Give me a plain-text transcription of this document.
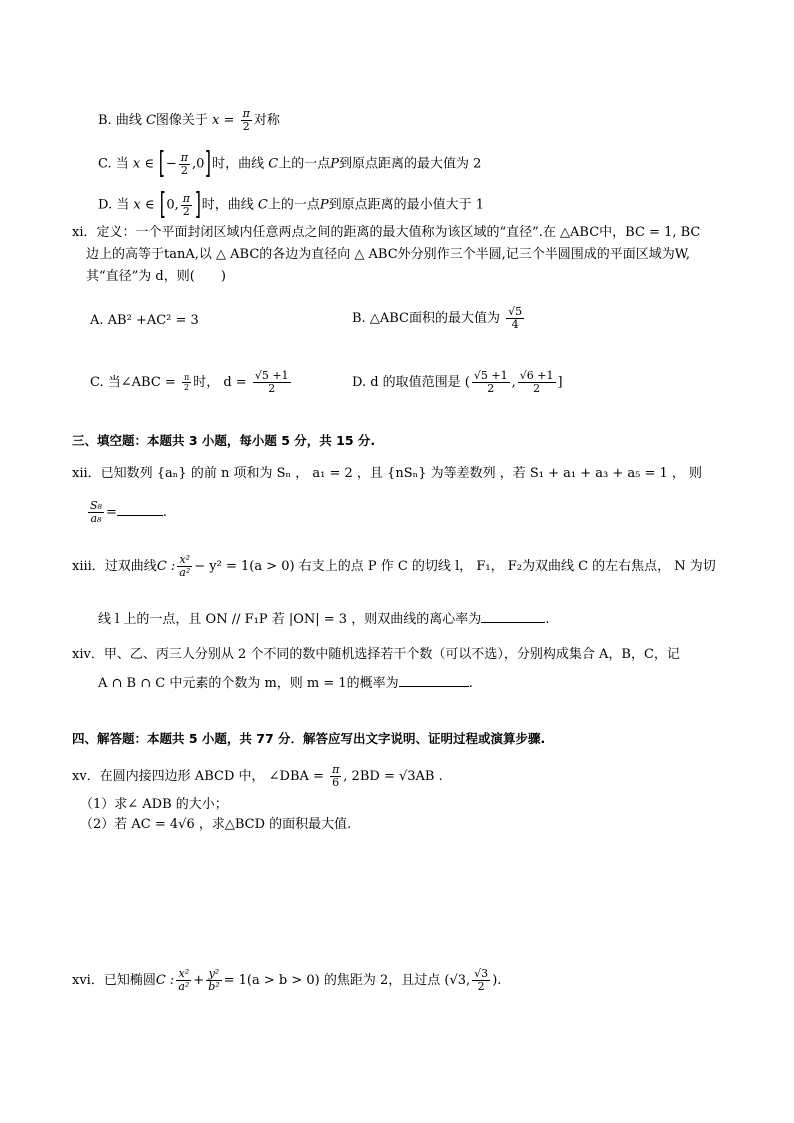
B. 曲线 C图像关于 $x = \frac{\pi}{2}$ 对称
C. 当 x ∈ [− $\frac{\pi}{2} ,0$]时，曲线 C上的一点P到原点距离的最大值为 2
D. 当 x ∈ [0, $\frac{\pi}{2}$ ]时，曲线 C上的一点P到原点距离的最小值大于 1
xi．定义：一个平面封闭区域内任意两点之间的距离的最大值称为该区域的“直径”.在 △ABC中，BC = 1, BC
边上的高等于tanA,以 △ ABC的各边为直径向 △ ABC外分别作三个半圆,记三个半圆围成的平面区域为W,
其“直径”为 d，则(　　)
A. AB² +AC² = 3	B. △ABC面积的最大值为 $\frac{√5}{4}$
C. 当∠ABC = $\frac{\pi}{2}$ 时， $d = \frac{√5 +1}{2}$	D. d 的取值范围是 ( $\frac{√5 +1}{2}$ , $\frac{√6 +1}{2}$ ]
三、填空题：本题共 3 小题，每小题 5 分，共 15 分.
xii．已知数列 {aₙ} 的前 n 项和为 Sₙ ， a₁ = 2 ，且 {nSₙ} 为等差数列 ，若 S₁ + a₁ + a₃ + a₅ = 1 ， 则
$\frac{\text{S₈}}{\text{a₈}}$ =	.
xiii．过双曲线C : $\frac{\text{x²}}{\text{a²}} - y^2 = 1(a > 0)$ 右支上的点 P 作 C 的切线 l， F₁， F₂为双曲线 C 的左右焦点， N 为切
线 l 上的一点，且 ON // F₁P 若 |ON| = 3 ，则双曲线的离心率为	.
xiv．甲、乙、丙三人分别从 2 个不同的数中随机选择若干个数（可以不选），分别构成集合 A，B，C，记
A ∩ B ∩ C 中元素的个数为 m，则 m = 1的概率为	.
四、解答题：本题共 5 小题，共 77 分．解答应写出文字说明、证明过程或演算步骤.
xv．在圆内接四边形 ABCD 中， ∠DBA = $\frac{\pi}{6}$ , 2BD = √3AB .
（1）求∠ ADB 的大小；
（2）若 AC = 4√6 ，求△BCD 的面积最大值.
xvi．已知椭圆C : $\frac{\text{x²}}{\text{a²}} + \frac{\text{y²}}{\text{b²}} = 1(a > b > 0)$ 的焦距为 2，且过点 (√3, $\frac{√3}{2}$ ).
